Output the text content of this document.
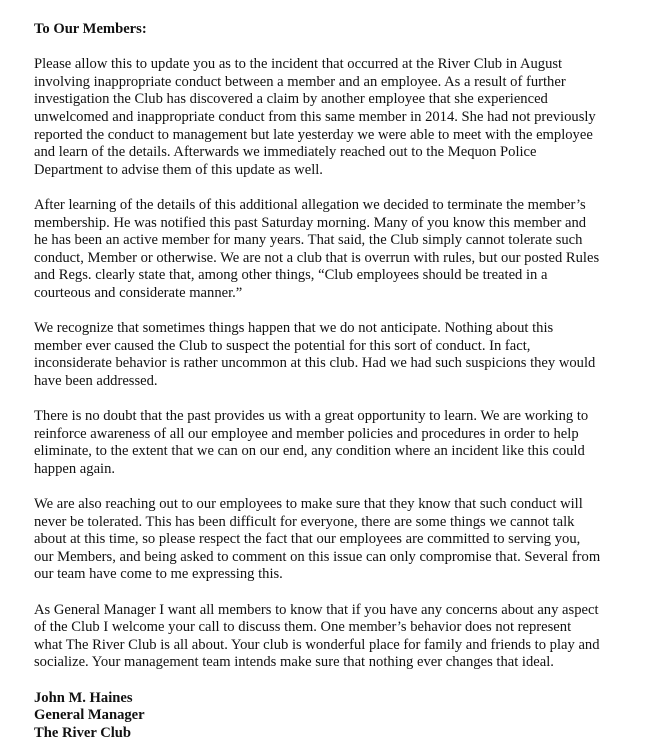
To Our Members:
Please allow this to update you as to the incident that occurred at the River Club in August
involving inappropriate conduct between a member and an employee. As a result of further
investigation the Club has discovered a claim by another employee that she experienced
unwelcomed and inappropriate conduct from this same member in 2014. She had not previously
reported the conduct to management but late yesterday we were able to meet with the employee
and learn of the details. Afterwards we immediately reached out to the Mequon Police
Department to advise them of this update as well.
After learning of the details of this additional allegation we decided to terminate the member’s
membership. He was notified this past Saturday morning. Many of you know this member and
he has been an active member for many years. That said, the Club simply cannot tolerate such
conduct, Member or otherwise. We are not a club that is overrun with rules, but our posted Rules
and Regs. clearly state that, among other things, “Club employees should be treated in a
courteous and considerate manner.”
We recognize that sometimes things happen that we do not anticipate. Nothing about this
member ever caused the Club to suspect the potential for this sort of conduct. In fact,
inconsiderate behavior is rather uncommon at this club. Had we had such suspicions they would
have been addressed.
There is no doubt that the past provides us with a great opportunity to learn. We are working to
reinforce awareness of all our employee and member policies and procedures in order to help
eliminate, to the extent that we can on our end, any condition where an incident like this could
happen again.
We are also reaching out to our employees to make sure that they know that such conduct will
never be tolerated. This has been difficult for everyone, there are some things we cannot talk
about at this time, so please respect the fact that our employees are committed to serving you,
our Members, and being asked to comment on this issue can only compromise that. Several from
our team have come to me expressing this.
As General Manager I want all members to know that if you have any concerns about any aspect
of the Club I welcome your call to discuss them. One member’s behavior does not represent
what The River Club is all about. Your club is wonderful place for family and friends to play and
socialize. Your management team intends make sure that nothing ever changes that ideal.
John M. Haines
General Manager
The River Club
